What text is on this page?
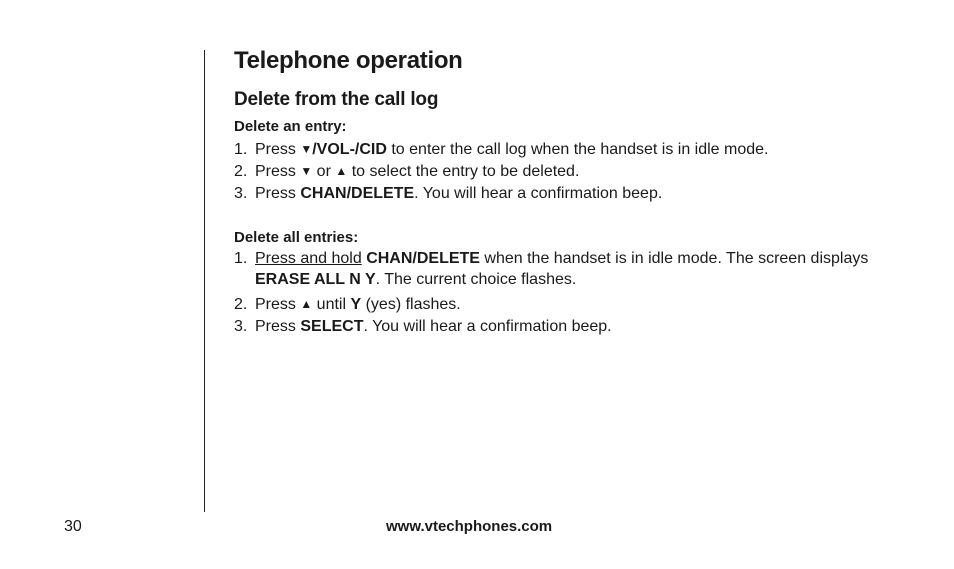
Telephone operation
Delete from the call log

Delete an entry:

1. Press ▼/VOL-/CID to enter the call log when the handset is in idle mode.
2. Press ▼ or ▲ to select the entry to be deleted.
3. Press CHAN/DELETE. You will hear a confirmation beep.

Delete all entries:

1. Press and hold CHAN/DELETE when the handset is in idle mode. The screen displays ERASE ALL N Y. The current choice flashes.
2. Press ▲ until Y (yes) flashes.
3. Press SELECT. You will hear a confirmation beep.
30	www.vtechphones.com
